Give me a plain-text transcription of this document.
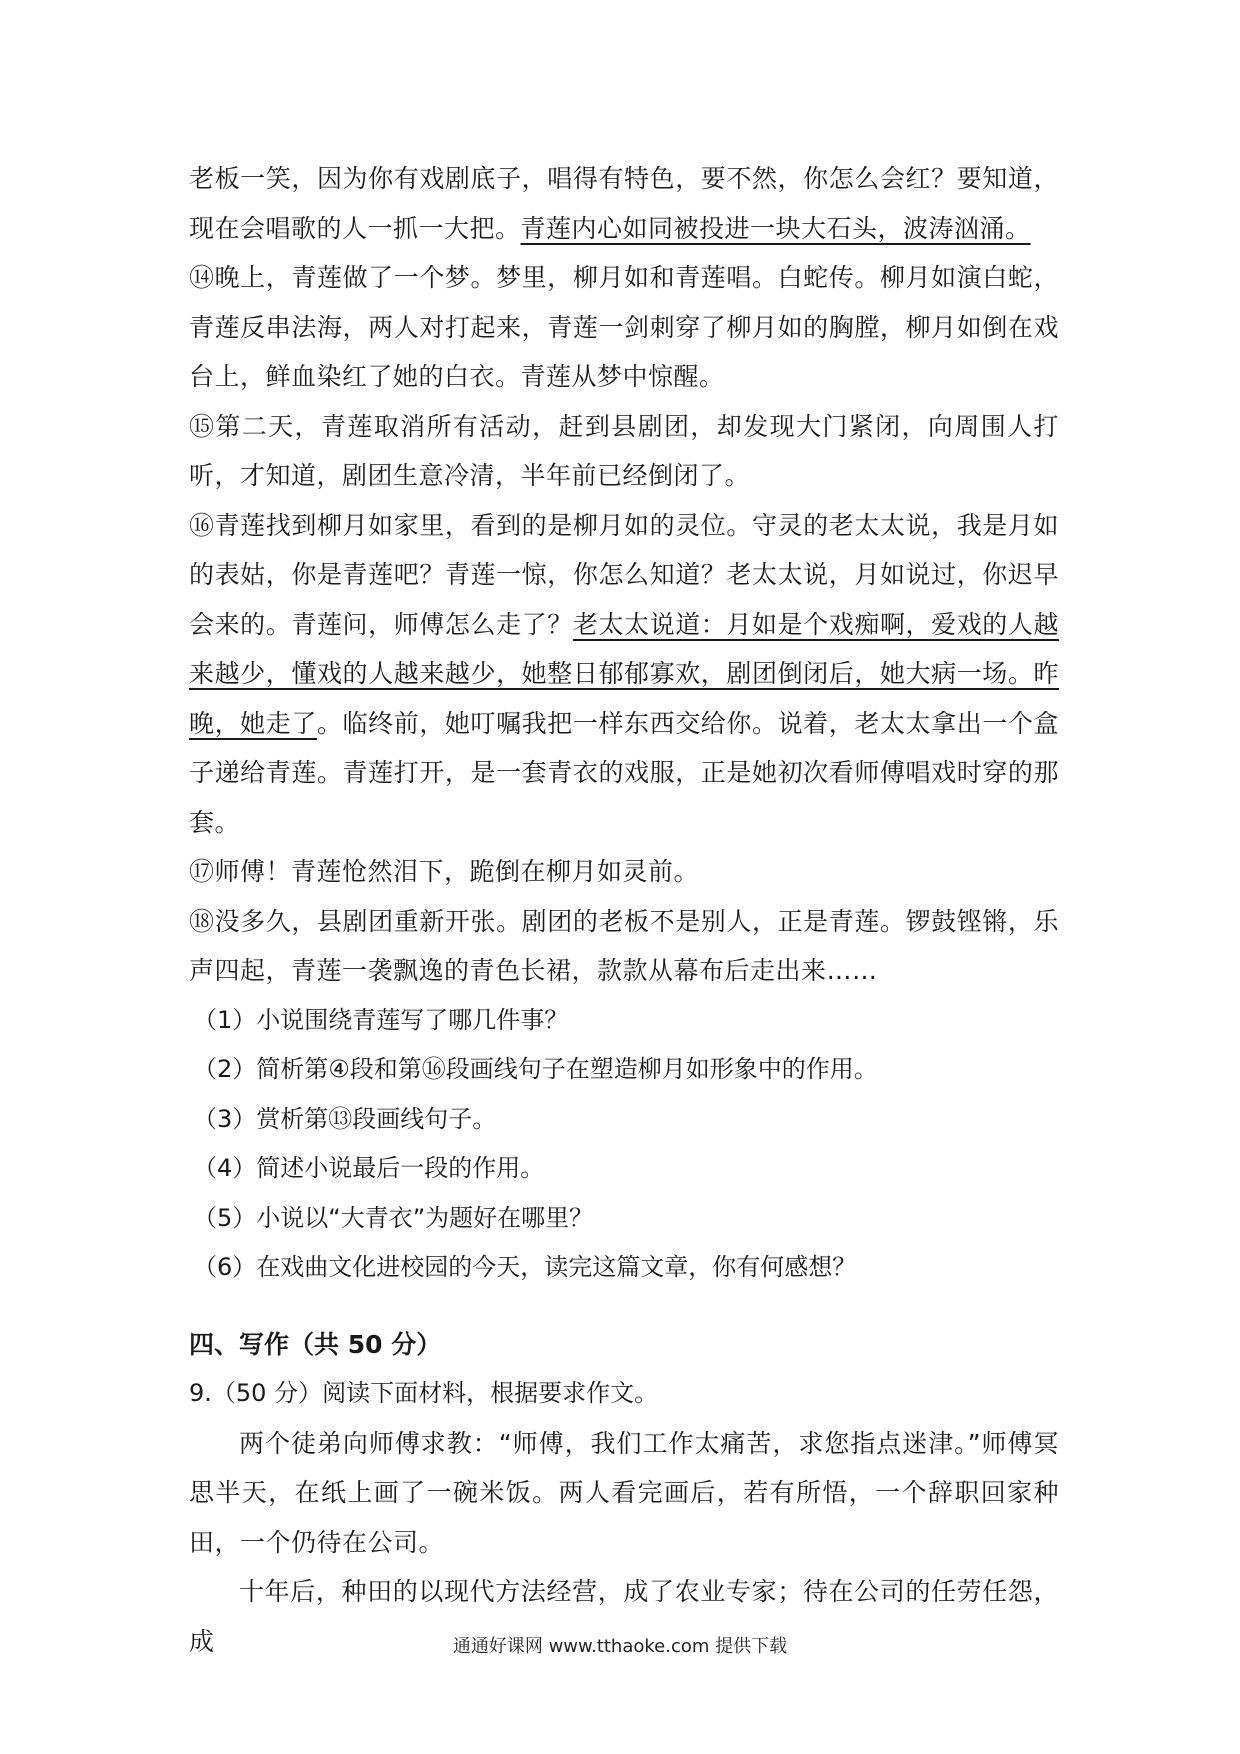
老板一笑，因为你有戏剧底子，唱得有特色，要不然，你怎么会红？要知道，现在会唱歌的人一抓一大把。青莲内心如同被投进一块大石头，波涛汹涌。

⑭晚上，青莲做了一个梦。梦里，柳月如和青莲唱。白蛇传。柳月如演白蛇，青莲反串法海，两人对打起来，青莲一剑刺穿了柳月如的胸膛，柳月如倒在戏台上，鲜血染红了她的白衣。青莲从梦中惊醒。

⑮第二天，青莲取消所有活动，赶到县剧团，却发现大门紧闭，向周围人打听，才知道，剧团生意冷清，半年前已经倒闭了。

⑯青莲找到柳月如家里，看到的是柳月如的灵位。守灵的老太太说，我是月如的表姑，你是青莲吧？青莲一惊，你怎么知道？老太太说，月如说过，你迟早会来的。青莲问，师傅怎么走了？老太太说道：月如是个戏痴啊，爱戏的人越来越少，懂戏的人越来越少，她整日郁郁寡欢，剧团倒闭后，她大病一场。昨晚，她走了。临终前，她叮嘱我把一样东西交给你。说着，老太太拿出一个盒子递给青莲。青莲打开，是一套青衣的戏服，正是她初次看师傅唱戏时穿的那套。

⑰师傅！青莲怆然泪下，跪倒在柳月如灵前。

⑱没多久，县剧团重新开张。剧团的老板不是别人，正是青莲。锣鼓铿锵，乐声四起，青莲一袭飘逸的青色长裙，款款从幕布后走出来……

（1）小说围绕青莲写了哪几件事？

（2）简析第④段和第⑯段画线句子在塑造柳月如形象中的作用。

（3）赏析第⑬段画线句子。

（4）简述小说最后一段的作用。

（5）小说以“大青衣”为题好在哪里？

（6）在戏曲文化进校园的今天，读完这篇文章，你有何感想？

四、写作（共 50 分）

9.（50 分）阅读下面材料，根据要求作文。

两个徒弟向师傅求教：“师傅，我们工作太痛苦，求您指点迷津。”师傅冥思半天，在纸上画了一碗米饭。两人看完画后，若有所悟，一个辞职回家种田，一个仍待在公司。

十年后，种田的以现代方法经营，成了农业专家；待在公司的任劳任怨，成	通通好课网 www.tthaoke.com 提供下载
